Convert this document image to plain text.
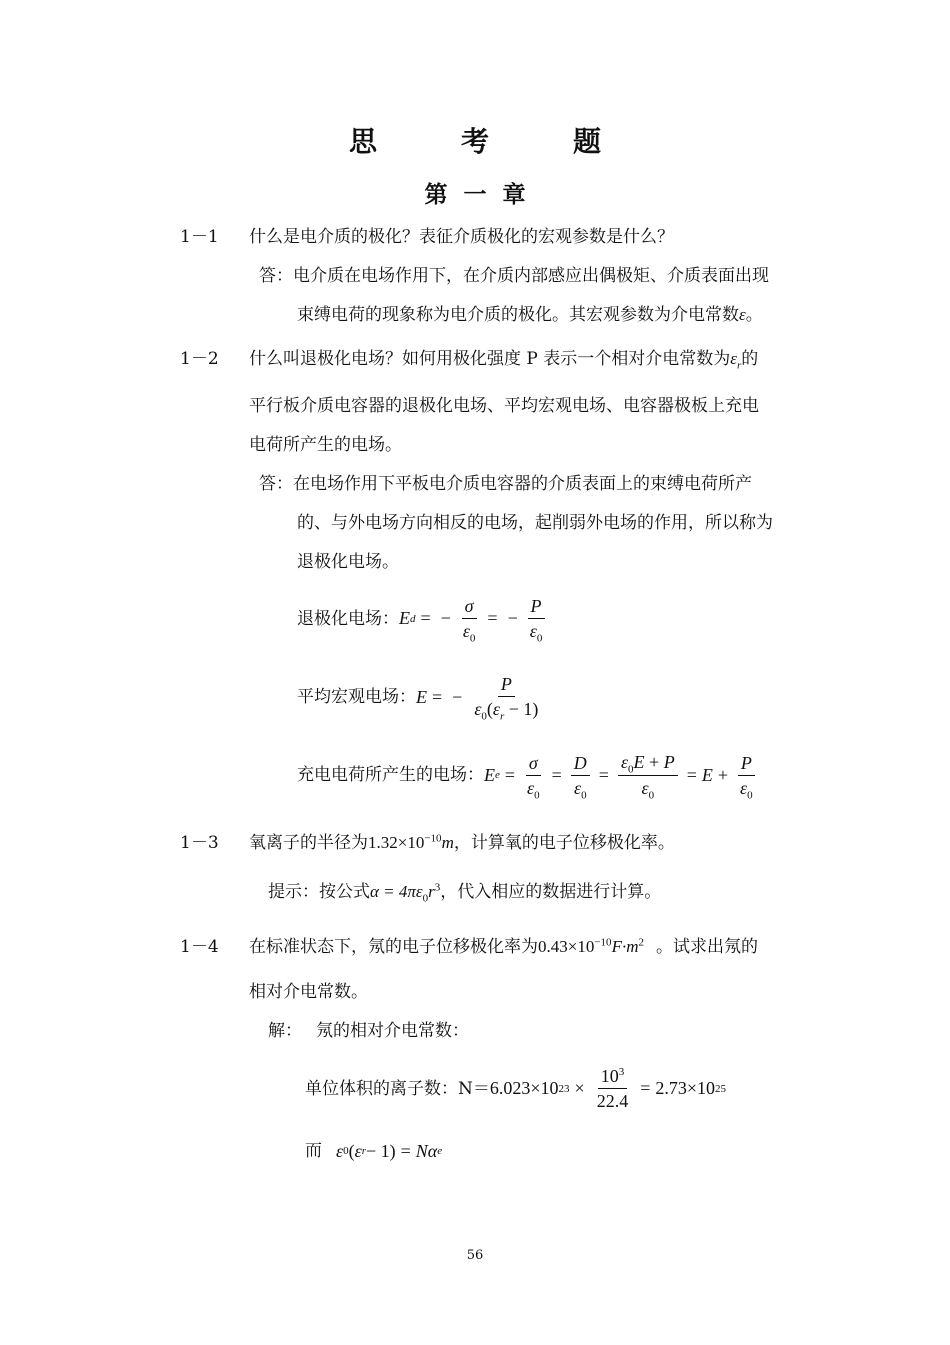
思考题
第一章
1－1 什么是电介质的极化？表征介质极化的宏观参数是什么？
答：电介质在电场作用下，在介质内部感应出偶极矩、介质表面出现
束缚电荷的现象称为电介质的极化。其宏观参数为介电常数ε。
1－2 什么叫退极化电场？如何用极化强度 P 表示一个相对介电常数为$\varepsilon_r$的
平行板介质电容器的退极化电场、平均宏观电场、电容器极板上充电
电荷所产生的电场。
答：在电场作用下平板电介质电容器的介质表面上的束缚电荷所产
的、与外电场方向相反的电场，起削弱外电场的作用，所以称为
退极化电场。
退极化电场： E d = − $\frac{\sigma}{\varepsilon_0}$ = − $\frac{P}{\varepsilon_0}$
平均宏观电场： E = − $\frac{P}{\varepsilon_0(\varepsilon_r - 1)}$
充电电荷所产生的电场： E $e = \frac{\sigma}{\varepsilon_0} = \frac{D}{\varepsilon_0} = \frac{\varepsilon_0E + P}{\varepsilon_0} = E + \frac{P}{\varepsilon_0}$
1－3 氧离子的半径为$1.32\times 10^{-10}m$，计算氧的电子位移极化率。
提示：按公式$\alpha = 4\pi\varepsilon_0r^3$，代入相应的数据进行计算。
1－4 在标准状态下，氖的电子位移极化率为$0.43\times 10^{-10}F\cdot m^2$ 。试求出氖的
相对介电常数。
解： 氖的相对介电常数：
单位体积的离子数：N＝ 6.023×10 $23 \times \frac{10^3}{22.4} = 2.73\times 10$ 25
而 ε 0 ( ε r − 1) = Nα e
56
